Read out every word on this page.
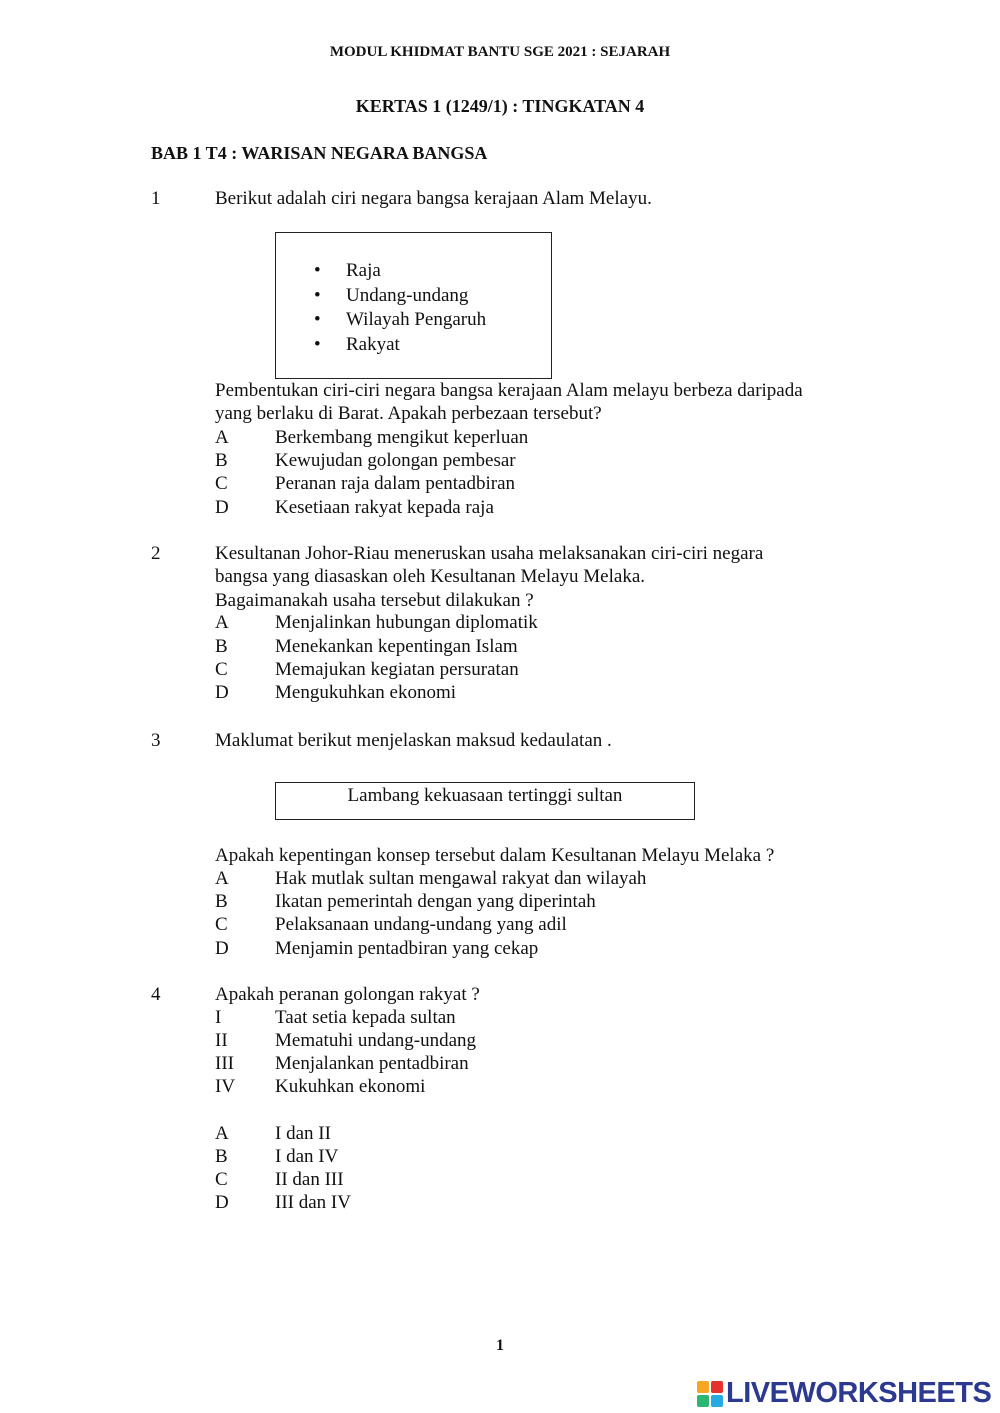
MODUL KHIDMAT BANTU SGE 2021 : SEJARAH
KERTAS 1 (1249/1) : TINGKATAN 4
BAB 1 T4 : WARISAN NEGARA BANGSA
1	Berikut adalah ciri negara bangsa kerajaan Alam Melayu.
• Raja
• Undang-undang
• Wilayah Pengaruh
• Rakyat
Pembentukan ciri-ciri negara bangsa kerajaan Alam melayu berbeza daripada
yang berlaku di Barat. Apakah perbezaan tersebut?
A Berkembang mengikut keperluan
B Kewujudan golongan pembesar
C Peranan raja dalam pentadbiran
D Kesetiaan rakyat kepada raja
2	Kesultanan Johor-Riau meneruskan usaha melaksanakan ciri-ciri negara
bangsa yang diasaskan oleh Kesultanan Melayu Melaka.
Bagaimanakah usaha tersebut dilakukan ?
A Menjalinkan hubungan diplomatik
B Menekankan kepentingan Islam
C Memajukan kegiatan persuratan
D Mengukuhkan ekonomi
3	Maklumat berikut menjelaskan maksud kedaulatan .
Lambang kekuasaan tertinggi sultan
Apakah kepentingan konsep tersebut dalam Kesultanan Melayu Melaka ?
A Hak mutlak sultan mengawal rakyat dan wilayah
B Ikatan pemerintah dengan yang diperintah
C Pelaksanaan undang-undang yang adil
D Menjamin pentadbiran yang cekap
4	Apakah peranan golongan rakyat ?
I	Taat setia kepada sultan
II Mematuhi undang-undang
III Menjalankan pentadbiran
IV Kukuhkan ekonomi
A I dan II
B I dan IV
C II dan III
D III dan IV
1
LIVEWORKSHEETS
